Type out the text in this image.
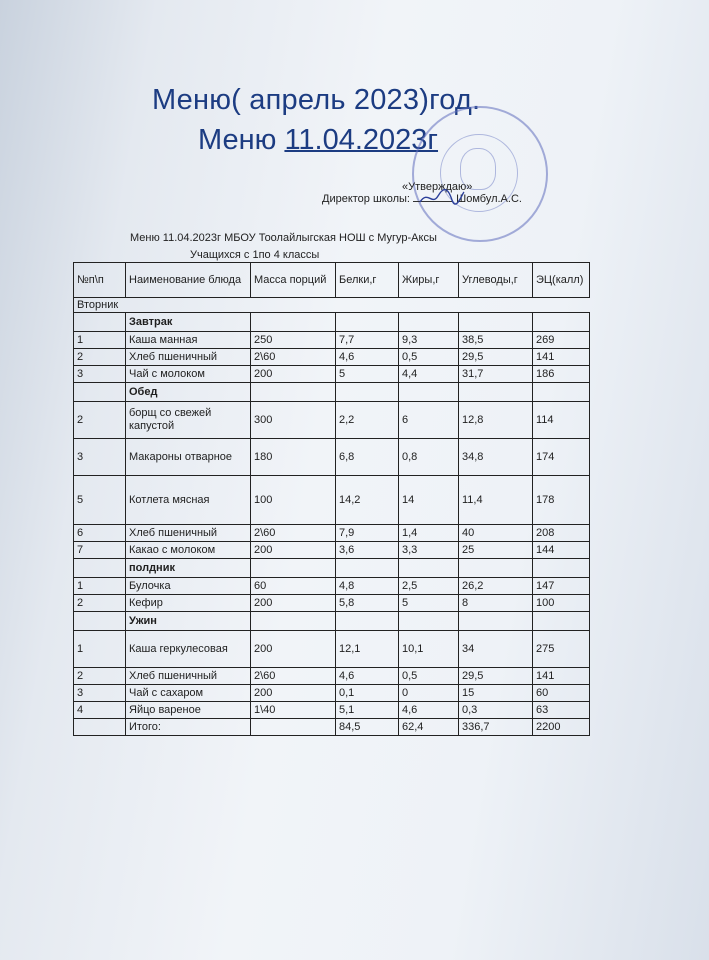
Меню( апрель 2023)год.
Меню 11.04.2023г
«Утверждаю»
Директор школы:	Шомбул.А.С.
Меню 11.04.2023г МБОУ Тоолайлыгская НОШ с Мугур-Аксы
Учащихся с 1по 4 классы
№п\п	Наименование блюда	Масса порций	Белки,г	Жиры,г	Углеводы,г	ЭЦ(калл)
Вторник						
	Завтрак					
1	Каша манная	250	7,7	9,3	38,5	269
2	Хлеб пшеничный	2\60	4,6	0,5	29,5	141
3	Чай с молоком	200	5	4,4	31,7	186
	Обед					
2	борщ со свежей капустой	300	2,2	6	12,8	114
3	Макароны отварное	180	6,8	0,8	34,8	174
5	Котлета мясная	100	14,2	14	11,4	178
6	Хлеб пшеничный	2\60	7,9	1,4	40	208
7	Какао с молоком	200	3,6	3,3	25	144
	полдник					
1	Булочка	60	4,8	2,5	26,2	147
2	Кефир	200	5,8	5	8	100
	Ужин					
1	Каша геркулесовая	200	12,1	10,1	34	275
2	Хлеб пшеничный	2\60	4,6	0,5	29,5	141
3	Чай с сахаром	200	0,1	0	15	60
4	Яйцо вареное	1\40	5,1	4,6	0,3	63
	Итого:		84,5	62,4	336,7	2200
